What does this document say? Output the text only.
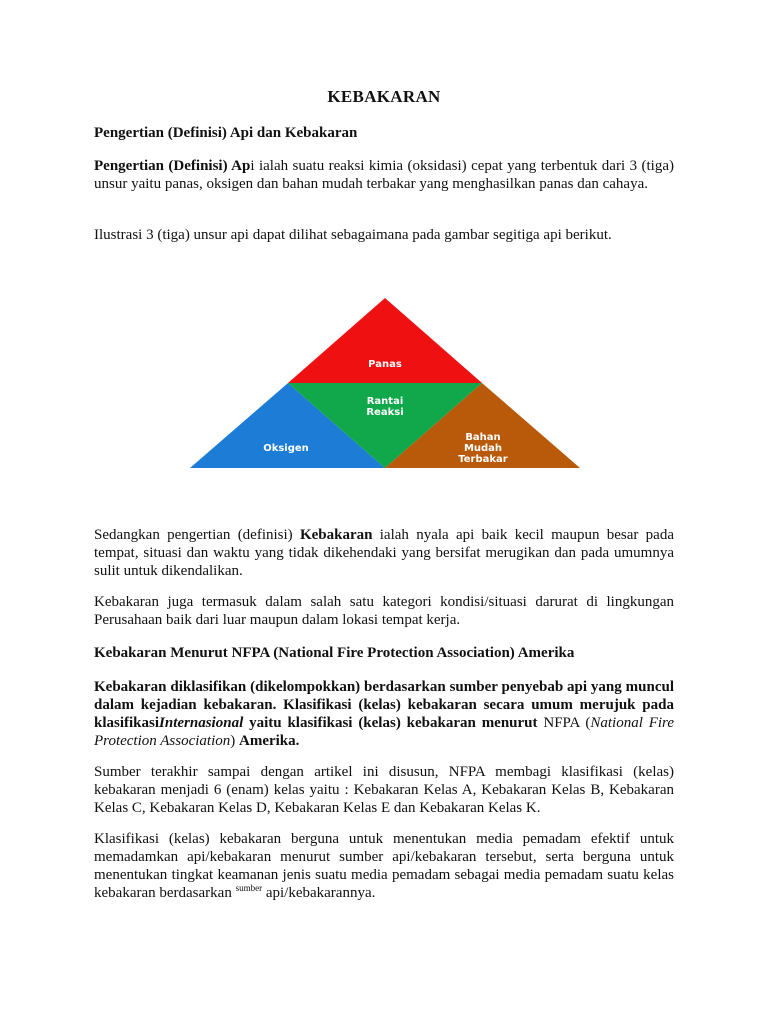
KEBAKARAN
Pengertian (Definisi) Api dan Kebakaran
Pengertian (Definisi) Api ialah suatu reaksi kimia (oksidasi) cepat yang terbentuk dari 3 (tiga) unsur yaitu panas, oksigen dan bahan mudah terbakar yang menghasilkan panas dan cahaya.
Ilustrasi 3 (tiga) unsur api dapat dilihat sebagaimana pada gambar segitiga api berikut.
Panas
Rantai
Reaksi
Oksigen
Bahan
Mudah
Terbakar
Sedangkan pengertian (definisi) Kebakaran ialah nyala api baik kecil maupun besar pada tempat, situasi dan waktu yang tidak dikehendaki yang bersifat merugikan dan pada umumnya sulit untuk dikendalikan.
Kebakaran juga termasuk dalam salah satu kategori kondisi/situasi darurat di lingkungan Perusahaan baik dari luar maupun dalam lokasi tempat kerja.
Kebakaran Menurut NFPA (National Fire Protection Association) Amerika
Kebakaran diklasifikan (dikelompokkan) berdasarkan sumber penyebab api yang muncul dalam kejadian kebakaran. Klasifikasi (kelas) kebakaran secara umum merujuk pada klasifikasiInternasional yaitu klasifikasi (kelas) kebakaran menurut NFPA (National Fire Protection Association) Amerika.
Sumber terakhir sampai dengan artikel ini disusun, NFPA membagi klasifikasi (kelas) kebakaran menjadi 6 (enam) kelas yaitu : Kebakaran Kelas A, Kebakaran Kelas B, Kebakaran Kelas C, Kebakaran Kelas D, Kebakaran Kelas E dan Kebakaran Kelas K.
Klasifikasi (kelas) kebakaran berguna untuk menentukan media pemadam efektif untuk memadamkan api/kebakaran menurut sumber api/kebakaran tersebut, serta berguna untuk menentukan tingkat keamanan jenis suatu media pemadam sebagai media pemadam suatu kelas kebakaran berdasarkan $^{sumber}$ api/kebakarannya.
